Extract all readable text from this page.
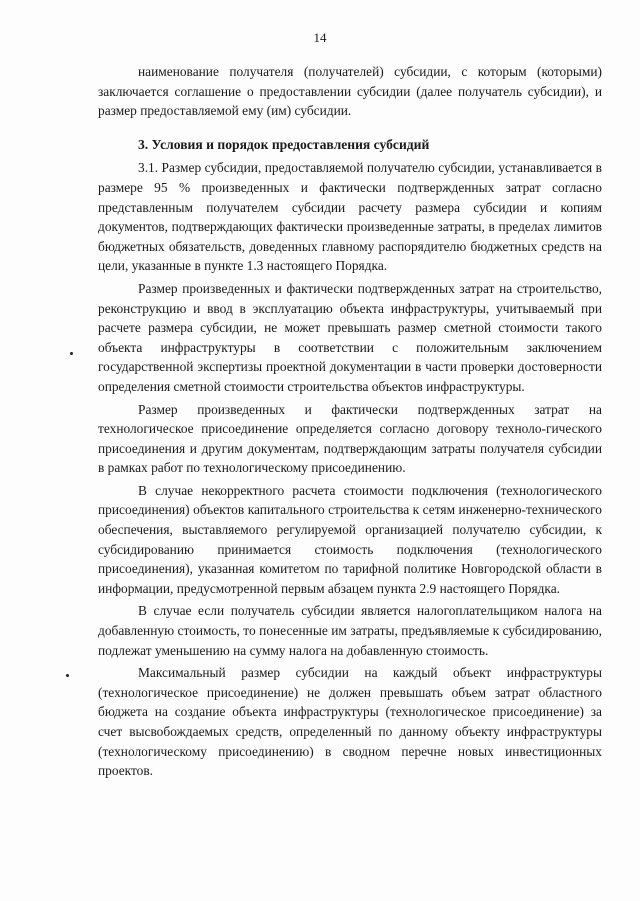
14

наименование получателя (получателей) субсидии, с которым (которыми) заключается соглашение о предоставлении субсидии (далее получатель субсидии), и размер предоставляемой ему (им) субсидии.

3. Условия и порядок предоставления субсидий

3.1. Размер субсидии, предоставляемой получателю субсидии, устанавливается в размере 95 % произведенных и фактически подтвержденных затрат согласно представленным получателем субсидии расчету размера субсидии и копиям документов, подтверждающих фактически произведенные затраты, в пределах лимитов бюджетных обязательств, доведенных главному распорядителю бюджетных средств на цели, указанные в пункте 1.3 настоящего Порядка.

Размер произведенных и фактически подтвержденных затрат на строительство, реконструкцию и ввод в эксплуатацию объекта инфраструктуры, учитываемый при расчете размера субсидии, не может превышать размер сметной стоимости такого объекта инфраструктуры в соответствии с положительным заключением государственной экспертизы проектной документации в части проверки достоверности определения сметной стоимости строительства объектов инфраструктуры.

Размер произведенных и фактически подтвержденных затрат на технологическое присоединение определяется согласно договору техноло-гического присоединения и другим документам, подтверждающим затраты получателя субсидии в рамках работ по технологическому присоединению.

В случае некорректного расчета стоимости подключения (технологического присоединения) объектов капитального строительства к сетям инженерно-технического обеспечения, выставляемого регулируемой организацией получателю субсидии, к субсидированию принимается стоимость подключения (технологического присоединения), указанная комитетом по тарифной политике Новгородской области в информации, предусмотренной первым абзацем пункта 2.9 настоящего Порядка.

В случае если получатель субсидии является налогоплательщиком налога на добавленную стоимость, то понесенные им затраты, предъявляемые к субсидированию, подлежат уменьшению на сумму налога на добавленную стоимость.

Максимальный размер субсидии на каждый объект инфраструктуры (технологическое присоединение) не должен превышать объем затрат областного бюджета на создание объекта инфраструктуры (технологическое присоединение) за счет высвобождаемых средств, определенный по данному объекту инфраструктуры (технологическому присоединению) в сводном перечне новых инвестиционных проектов.
